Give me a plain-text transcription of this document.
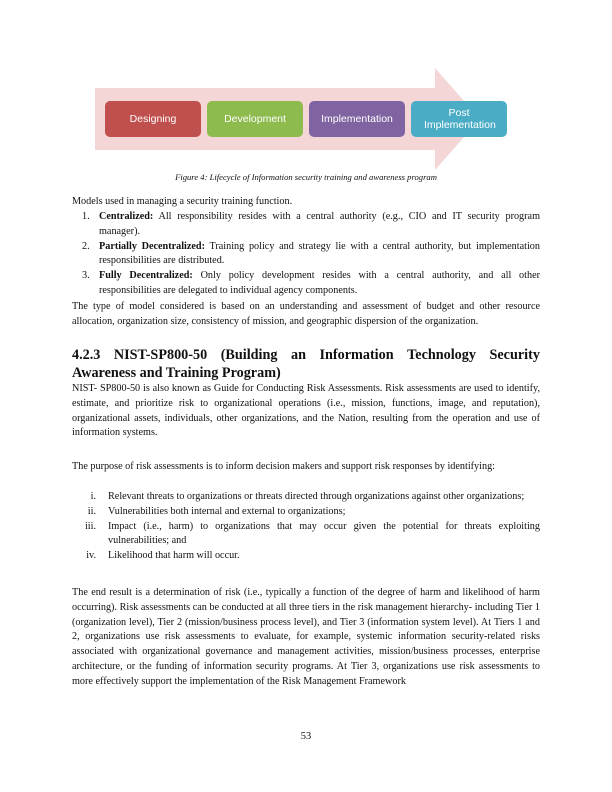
Designing	Development	Implementation	Post Implementation
Figure 4: Lifecycle of Information security training and awareness program
Models used in managing a security training function.
1. Centralized: All responsibility resides with a central authority (e.g., CIO and IT security program manager).
2. Partially Decentralized: Training policy and strategy lie with a central authority, but implementation responsibilities are distributed.
3. Fully Decentralized: Only policy development resides with a central authority, and all other responsibilities are delegated to individual agency components.
The type of model considered is based on an understanding and assessment of budget and other resource allocation, organization size, consistency of mission, and geographic dispersion of the organization.
4.2.3 NIST-SP800-50 (Building an Information Technology Security
Awareness and Training Program)
NIST- SP800-50 is also known as Guide for Conducting Risk Assessments. Risk assessments are used to identify, estimate, and prioritize risk to organizational operations (i.e., mission, functions, image, and reputation), organizational assets, individuals, other organizations, and the Nation, resulting from the operation and use of information systems.
The purpose of risk assessments is to inform decision makers and support risk responses by identifying:
i. Relevant threats to organizations or threats directed through organizations against other organizations;
ii. Vulnerabilities both internal and external to organizations;
iii. Impact (i.e., harm) to organizations that may occur given the potential for threats exploiting vulnerabilities; and
iv. Likelihood that harm will occur.
The end result is a determination of risk (i.e., typically a function of the degree of harm and likelihood of harm occurring). Risk assessments can be conducted at all three tiers in the risk management hierarchy- including Tier 1 (organization level), Tier 2 (mission/business process level), and Tier 3 (information system level). At Tiers 1 and 2, organizations use risk assessments to evaluate, for example, systemic information security-related risks associated with organizational governance and management activities, mission/business processes, enterprise architecture, or the funding of information security programs. At Tier 3, organizations use risk assessments to more effectively support the implementation of the Risk Management Framework
53
